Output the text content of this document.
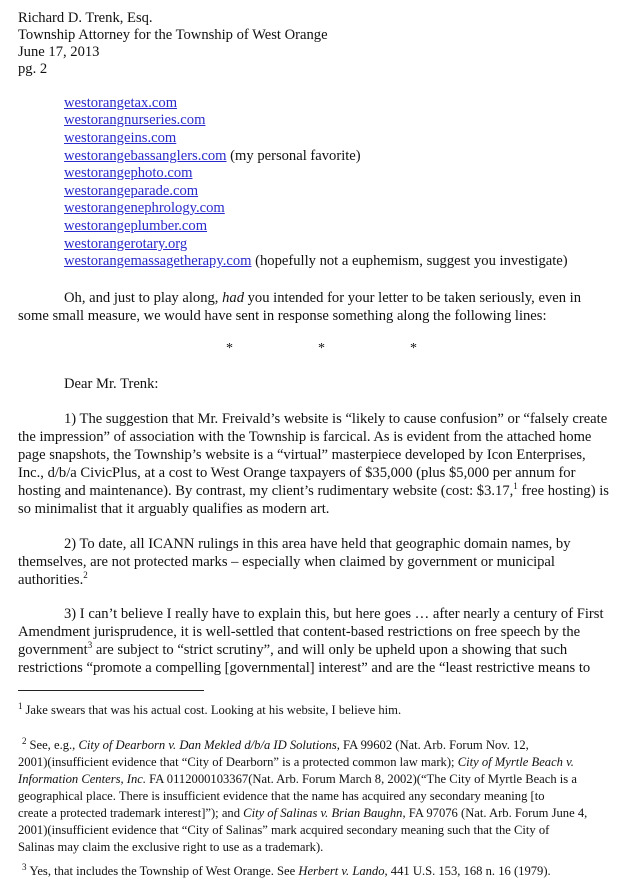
Richard D. Trenk, Esq.
Township Attorney for the Township of West Orange
June 17, 2013
pg. 2
westorangetax.com
westorangnurseries.com
westorangeins.com
westorangebassanglers.com (my personal favorite)
westorangephoto.com
westorangeparade.com
westorangenephrology.com
westorangeplumber.com
westorangerotary.org
westorangemassagetherapy.com (hopefully not a euphemism, suggest you investigate)
Oh, and just to play along, had you intended for your letter to be taken seriously, even in
some small measure, we would have sent in response something along the following lines:
*	*	*
Dear Mr. Trenk:
1) The suggestion that Mr. Freivald’s website is “likely to cause confusion” or “falsely create
the impression” of association with the Township is farcical. As is evident from the attached home
page snapshots, the Township’s website is a “virtual” masterpiece developed by Icon Enterprises,
Inc., d/b/a CivicPlus, at a cost to West Orange taxpayers of $35,000 (plus $5,000 per annum for
hosting and maintenance). By contrast, my client’s rudimentary website (cost: $3.17,$^1$ free hosting) is
so minimalist that it arguably qualifies as modern art.
2) To date, all ICANN rulings in this area have held that geographic domain names, by
themselves, are not protected marks – especially when claimed by government or municipal
authorities.$^2$
3) I can’t believe I really have to explain this, but here goes … after nearly a century of First
Amendment jurisprudence, it is well-settled that content-based restrictions on free speech by the
government$^3$ are subject to “strict scrutiny”, and will only be upheld upon a showing that such
restrictions “promote a compelling [governmental] interest” and are the “least restrictive means to
$^1$ Jake swears that was his actual cost. Looking at his website, I believe him.
$^2$ See, e.g., City of Dearborn v. Dan Mekled d/b/a ID Solutions, FA 99602 (Nat. Arb. Forum Nov. 12,
2001)(insufficient evidence that “City of Dearborn” is a protected common law mark); City of Myrtle Beach v.
Information Centers, Inc. FA 0112000103367(Nat. Arb. Forum March 8, 2002)(“The City of Myrtle Beach is a
geographical place. There is insufficient evidence that the name has acquired any secondary meaning [to
create a protected trademark interest]”); and City of Salinas v. Brian Baughn, FA 97076 (Nat. Arb. Forum June 4,
2001)(insufficient evidence that “City of Salinas” mark acquired secondary meaning such that the City of
Salinas may claim the exclusive right to use as a trademark).
$^3$ Yes, that includes the Township of West Orange. See Herbert v. Lando, 441 U.S. 153, 168 n. 16 (1979).
